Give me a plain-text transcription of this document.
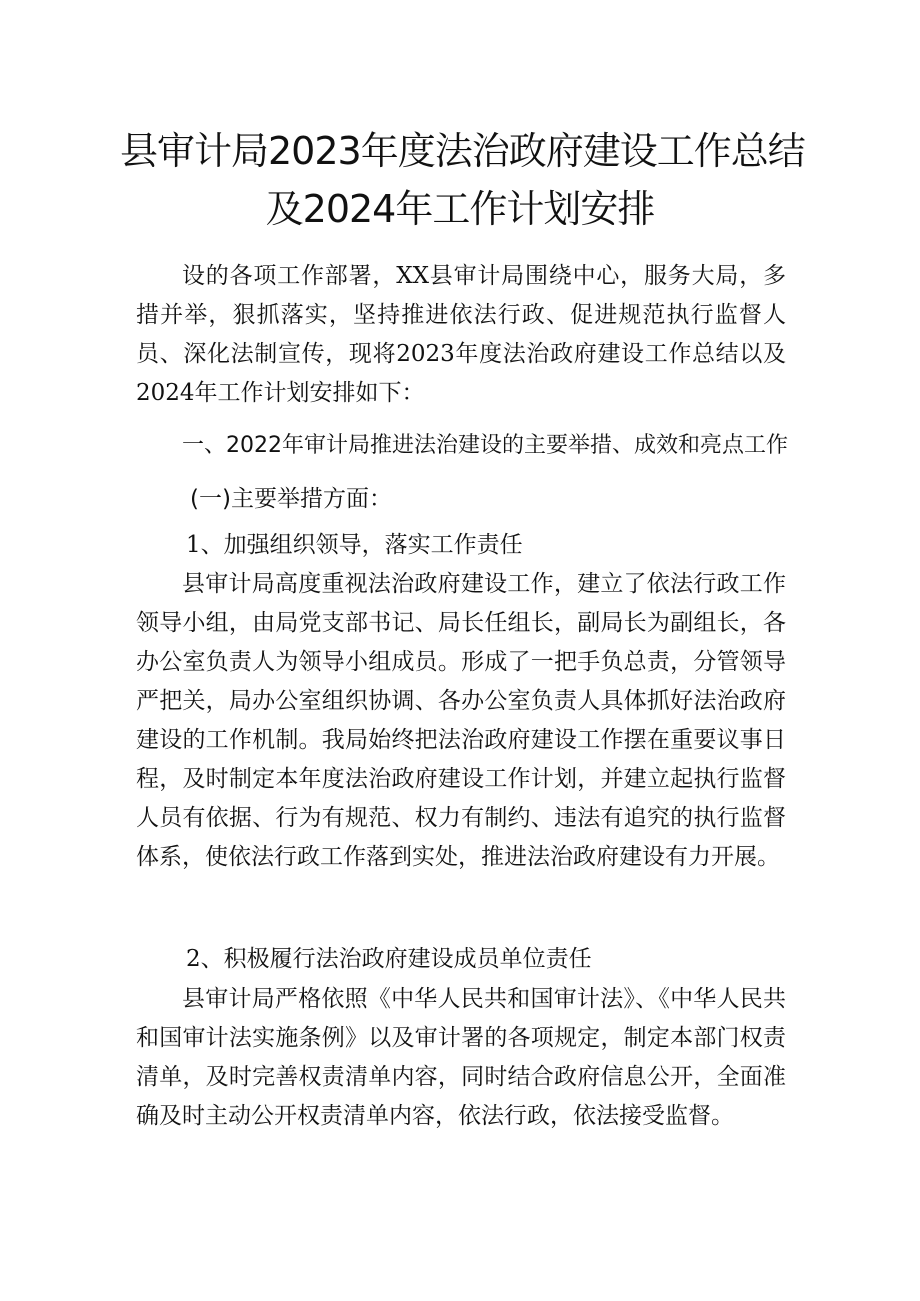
县审计局2023年度法治政府建设工作总结
及2024年工作计划安排

设的各项工作部署，XX县审计局围绕中心，服务大局，多措并举，狠抓落实，坚持推进依法行政、促进规范执行监督人员、深化法制宣传，现将2023年度法治政府建设工作总结以及2024年工作计划安排如下：

一、2022年审计局推进法治建设的主要举措、成效和亮点工作
(一)主要举措方面：
1、加强组织领导，落实工作责任

县审计局高度重视法治政府建设工作，建立了依法行政工作领导小组，由局党支部书记、局长任组长，副局长为副组长，各办公室负责人为领导小组成员。形成了一把手负总责，分管领导严把关，局办公室组织协调、各办公室负责人具体抓好法治政府建设的工作机制。我局始终把法治政府建设工作摆在重要议事日程，及时制定本年度法治政府建设工作计划，并建立起执行监督人员有依据、行为有规范、权力有制约、违法有追究的执行监督体系，使依法行政工作落到实处，推进法治政府建设有力开展。

2、积极履行法治政府建设成员单位责任

县审计局严格依照《中华人民共和国审计法》、《中华人民共和国审计法实施条例》以及审计署的各项规定，制定本部门权责清单，及时完善权责清单内容，同时结合政府信息公开，全面准确及时主动公开权责清单内容，依法行政，依法接受监督。
